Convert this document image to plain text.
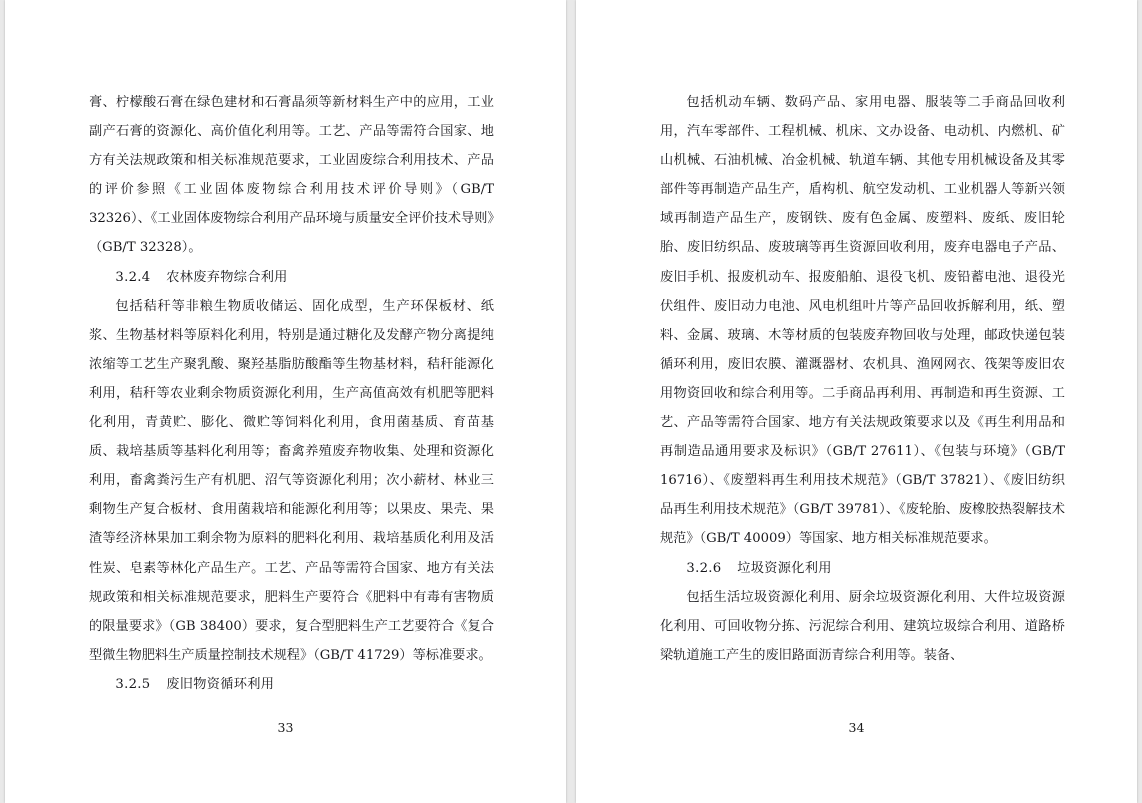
膏、柠檬酸石膏在绿色建材和石膏晶须等新材料生产中的应用，工业副产石膏的资源化、高价值化利用等。工艺、产品等需符合国家、地方有关法规政策和相关标准规范要求，工业固废综合利用技术、产品的评价参照《工业固体废物综合利用技术评价导则》（GB/T 32326）、《工业固体废物综合利用产品环境与质量安全评价技术导则》（GB/T 32328）。

3.2.4 农林废弃物综合利用

包括秸秆等非粮生物质收储运、固化成型，生产环保板材、纸浆、生物基材料等原料化利用，特别是通过糖化及发酵产物分离提纯浓缩等工艺生产聚乳酸、聚羟基脂肪酸酯等生物基材料，秸秆能源化利用，秸秆等农业剩余物质资源化利用，生产高值高效有机肥等肥料化利用，青黄贮、膨化、微贮等饲料化利用，食用菌基质、育苗基质、栽培基质等基料化利用等；畜禽养殖废弃物收集、处理和资源化利用，畜禽粪污生产有机肥、沼气等资源化利用；次小薪材、林业三剩物生产复合板材、食用菌栽培和能源化利用等；以果皮、果壳、果渣等经济林果加工剩余物为原料的肥料化利用、栽培基质化利用及活性炭、皂素等林化产品生产。工艺、产品等需符合国家、地方有关法规政策和相关标准规范要求，肥料生产要符合《肥料中有毒有害物质的限量要求》（GB 38400）要求，复合型肥料生产工艺要符合《复合型微生物肥料生产质量控制技术规程》（GB/T 41729）等标准要求。

3.2.5 废旧物资循环利用

33

包括机动车辆、数码产品、家用电器、服装等二手商品回收利用，汽车零部件、工程机械、机床、文办设备、电动机、内燃机、矿山机械、石油机械、冶金机械、轨道车辆、其他专用机械设备及其零部件等再制造产品生产，盾构机、航空发动机、工业机器人等新兴领域再制造产品生产，废钢铁、废有色金属、废塑料、废纸、废旧轮胎、废旧纺织品、废玻璃等再生资源回收利用，废弃电器电子产品、废旧手机、报废机动车、报废船舶、退役飞机、废铅蓄电池、退役光伏组件、废旧动力电池、风电机组叶片等产品回收拆解利用，纸、塑料、金属、玻璃、木等材质的包装废弃物回收与处理，邮政快递包装循环利用，废旧农膜、灌溉器材、农机具、渔网网衣、筏架等废旧农用物资回收和综合利用等。二手商品再利用、再制造和再生资源、工艺、产品等需符合国家、地方有关法规政策要求以及《再生利用品和再制造品通用要求及标识》（GB/T 27611）、《包装与环境》（GB/T 16716）、《废塑料再生利用技术规范》（GB/T 37821）、《废旧纺织品再生利用技术规范》（GB/T 39781）、《废轮胎、废橡胶热裂解技术规范》（GB/T 40009）等国家、地方相关标准规范要求。

3.2.6 垃圾资源化利用

包括生活垃圾资源化利用、厨余垃圾资源化利用、大件垃圾资源化利用、可回收物分拣、污泥综合利用、建筑垃圾综合利用、道路桥梁轨道施工产生的废旧路面沥青综合利用等。装备、

34
